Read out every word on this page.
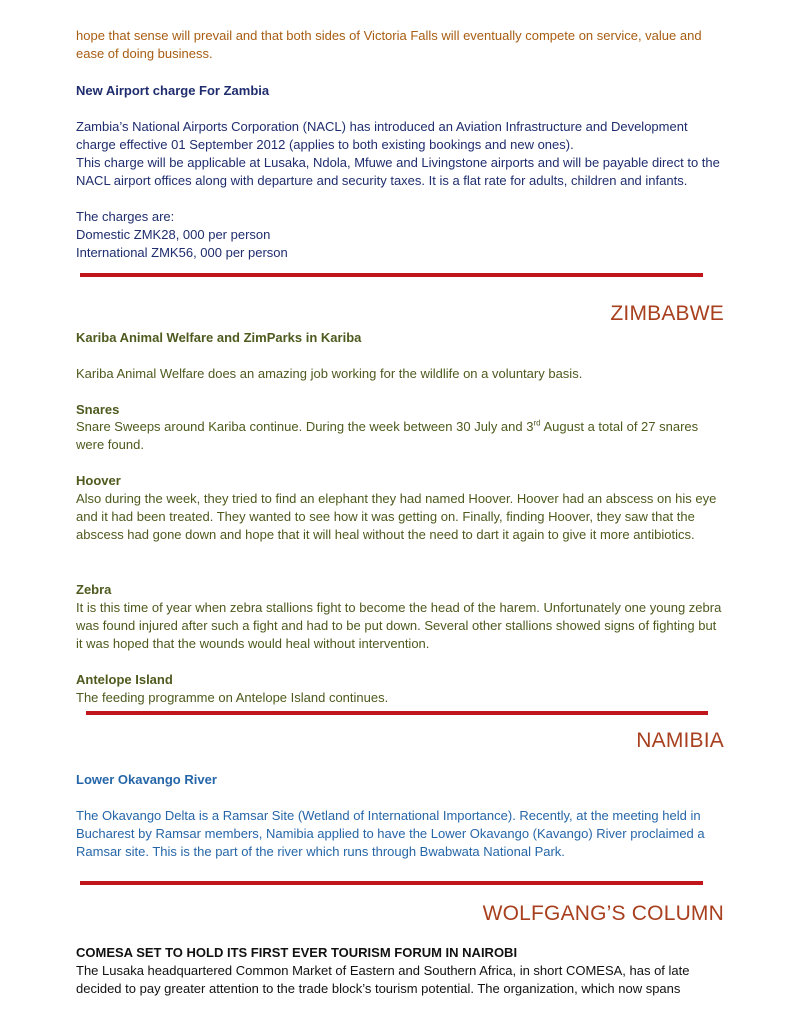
hope that sense will prevail and that both sides of Victoria Falls will eventually compete on service, value and ease of doing business.

New Airport charge For Zambia

Zambia’s National Airports Corporation (NACL) has introduced an Aviation Infrastructure and Development charge effective 01 September 2012 (applies to both existing bookings and new ones).

This charge will be applicable at Lusaka, Ndola, Mfuwe and Livingstone airports and will be payable direct to the NACL airport offices along with departure and security taxes. It is a flat rate for adults, children and infants.

The charges are:

Domestic ZMK28, 000 per person

International ZMK56, 000 per person

ZIMBABWE

Kariba Animal Welfare and ZimParks in Kariba

Kariba Animal Welfare does an amazing job working for the wildlife on a voluntary basis.

Snares

Snare Sweeps around Kariba continue. During the week between 30 July and 3rd August a total of 27 snares were found.

Hoover

Also during the week, they tried to find an elephant they had named Hoover. Hoover had an abscess on his eye and it had been treated. They wanted to see how it was getting on. Finally, finding Hoover, they saw that the abscess had gone down and hope that it will heal without the need to dart it again to give it more antibiotics.

Zebra

It is this time of year when zebra stallions fight to become the head of the harem. Unfortunately one young zebra was found injured after such a fight and had to be put down. Several other stallions showed signs of fighting but it was hoped that the wounds would heal without intervention.

Antelope Island

The feeding programme on Antelope Island continues.

NAMIBIA

Lower Okavango River

The Okavango Delta is a Ramsar Site (Wetland of International Importance). Recently, at the meeting held in Bucharest by Ramsar members, Namibia applied to have the Lower Okavango (Kavango) River proclaimed a Ramsar site. This is the part of the river which runs through Bwabwata National Park.

WOLFGANG’S COLUMN

COMESA SET TO HOLD ITS FIRST EVER TOURISM FORUM IN NAIROBI

The Lusaka headquartered Common Market of Eastern and Southern Africa, in short COMESA, has of late decided to pay greater attention to the trade block’s tourism potential. The organization, which now spans
